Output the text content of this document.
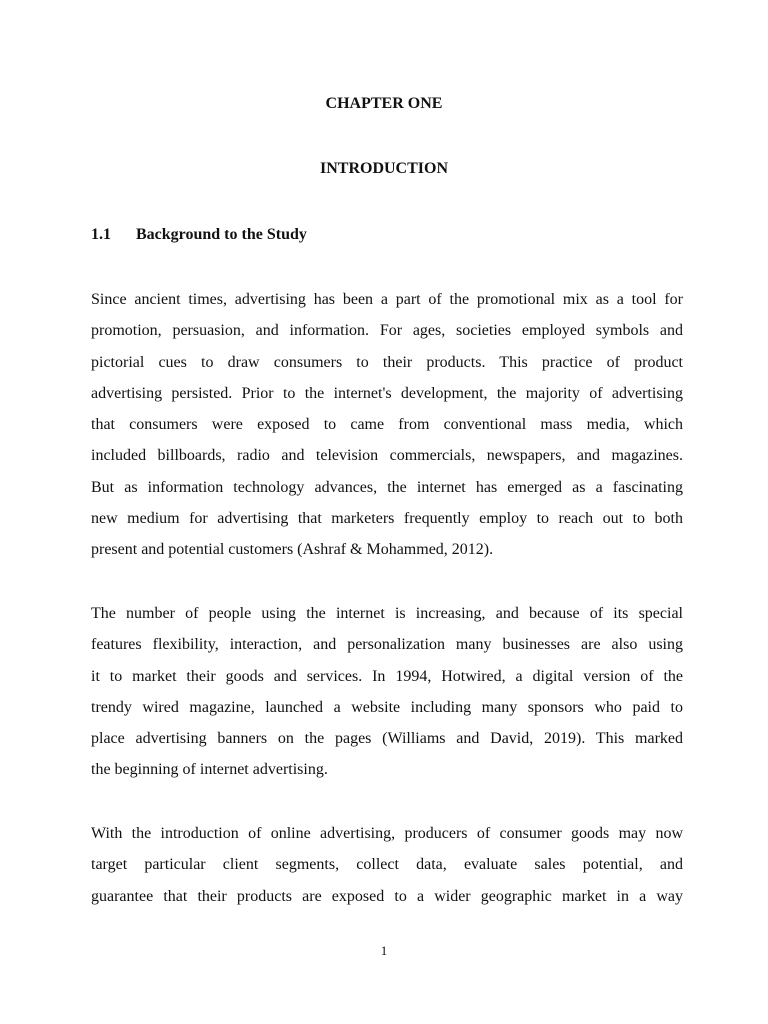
CHAPTER ONE
INTRODUCTION
1.1 Background to the Study
Since ancient times, advertising has been a part of the promotional mix as a tool for
promotion, persuasion, and information. For ages, societies employed symbols and
pictorial cues to draw consumers to their products. This practice of product
advertising persisted. Prior to the internet's development, the majority of advertising
that consumers were exposed to came from conventional mass media, which
included billboards, radio and television commercials, newspapers, and magazines.
But as information technology advances, the internet has emerged as a fascinating
new medium for advertising that marketers frequently employ to reach out to both
present and potential customers (Ashraf & Mohammed, 2012).
The number of people using the internet is increasing, and because of its special
features flexibility, interaction, and personalization many businesses are also using
it to market their goods and services. In 1994, Hotwired, a digital version of the
trendy wired magazine, launched a website including many sponsors who paid to
place advertising banners on the pages (Williams and David, 2019). This marked
the beginning of internet advertising.
With the introduction of online advertising, producers of consumer goods may now
target particular client segments, collect data, evaluate sales potential, and
guarantee that their products are exposed to a wider geographic market in a way
1
